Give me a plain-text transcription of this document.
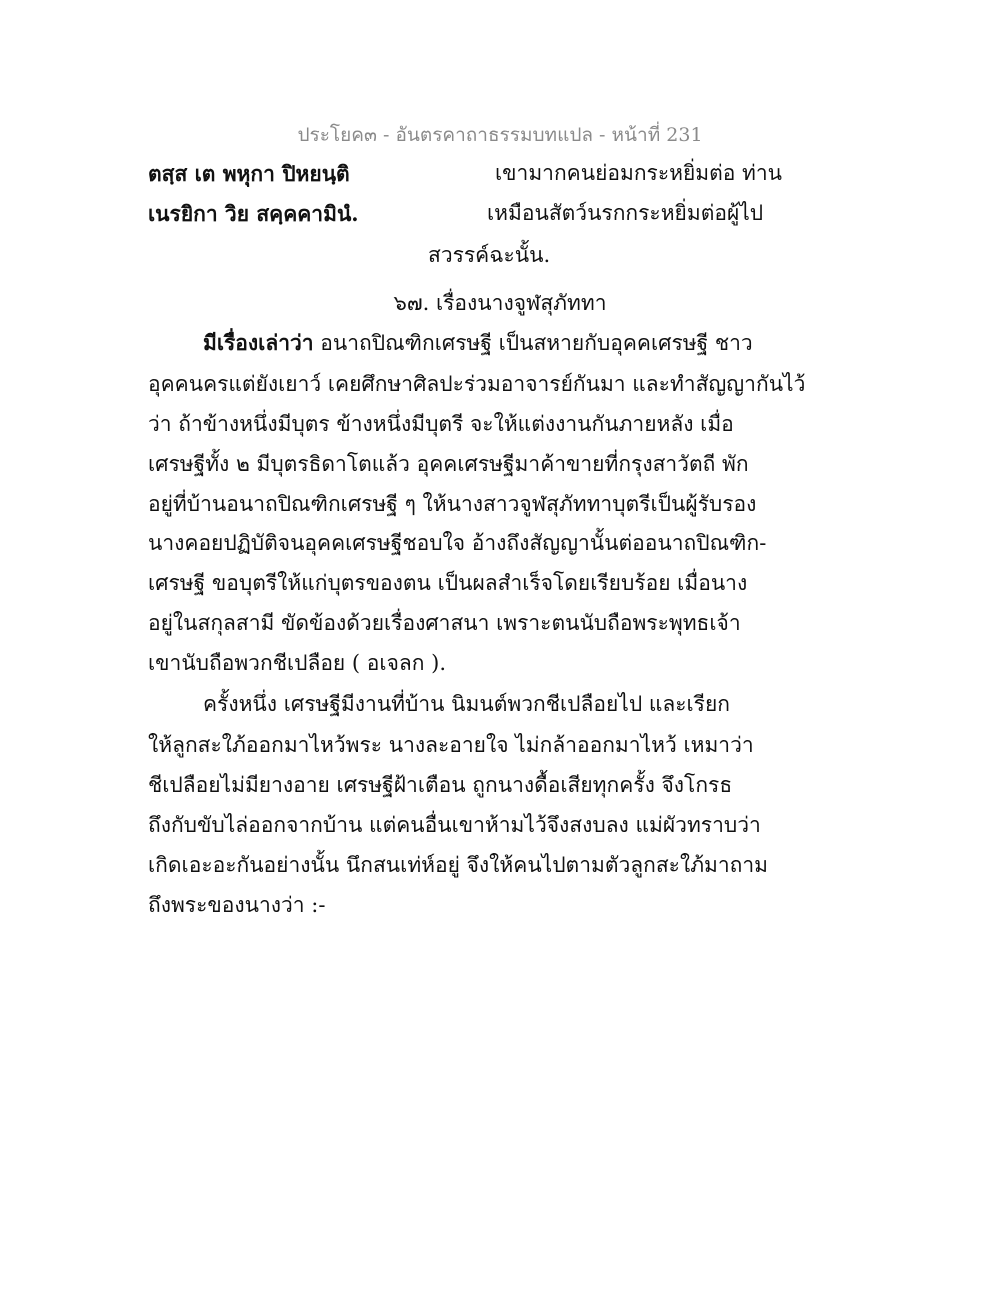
ประโยค๓ - อันตรคาถาธรรมบทแปล - หน้าที่ 231
ตสฺส เต พหุกา ปิหยนฺติ	เขามากคนย่อมกระหยิ่มต่อ ท่าน
เนรยิกา วิย สคฺคคามินํ.	เหมือนสัตว์นรกกระหยิ่มต่อผู้ไป
สวรรค์ฉะนั้น.
๖๗. เรื่องนางจูฬสุภัททา
มีเรื่องเล่าว่า อนาถปิณฑิกเศรษฐี เป็นสหายกับอุคคเศรษฐี ชาว
อุคคนครแต่ยังเยาว์ เคยศึกษาศิลปะร่วมอาจารย์กันมา และทำสัญญากันไว้
ว่า ถ้าข้างหนึ่งมีบุตร ข้างหนึ่งมีบุตรี จะให้แต่งงานกันภายหลัง เมื่อ
เศรษฐีทั้ง ๒ มีบุตรธิดาโตแล้ว อุคคเศรษฐีมาค้าขายที่กรุงสาวัตถี พัก
อยู่ที่บ้านอนาถปิณฑิกเศรษฐี ๆ ให้นางสาวจูฬสุภัททาบุตรีเป็นผู้รับรอง
นางคอยปฏิบัติจนอุคคเศรษฐีชอบใจ อ้างถึงสัญญานั้นต่ออนาถปิณฑิก-
เศรษฐี ขอบุตรีให้แก่บุตรของตน เป็นผลสำเร็จโดยเรียบร้อย เมื่อนาง
อยู่ในสกุลสามี ขัดข้องด้วยเรื่องศาสนา เพราะตนนับถือพระพุทธเจ้า
เขานับถือพวกชีเปลือย ( อเจลก ).
ครั้งหนึ่ง เศรษฐีมีงานที่บ้าน นิมนต์พวกชีเปลือยไป และเรียก
ให้ลูกสะใภ้ออกมาไหว้พระ นางละอายใจ ไม่กล้าออกมาไหว้ เหมาว่า
ชีเปลือยไม่มียางอาย เศรษฐีฝ้าเตือน ถูกนางดื้อเสียทุกครั้ง จึงโกรธ
ถึงกับขับไล่ออกจากบ้าน แต่คนอื่นเขาห้ามไว้จึงสงบลง แม่ผัวทราบว่า
เกิดเอะอะกันอย่างนั้น นึกสนเท่ห์อยู่ จึงให้คนไปตามตัวลูกสะใภ้มาถาม
ถึงพระของนางว่า :-
